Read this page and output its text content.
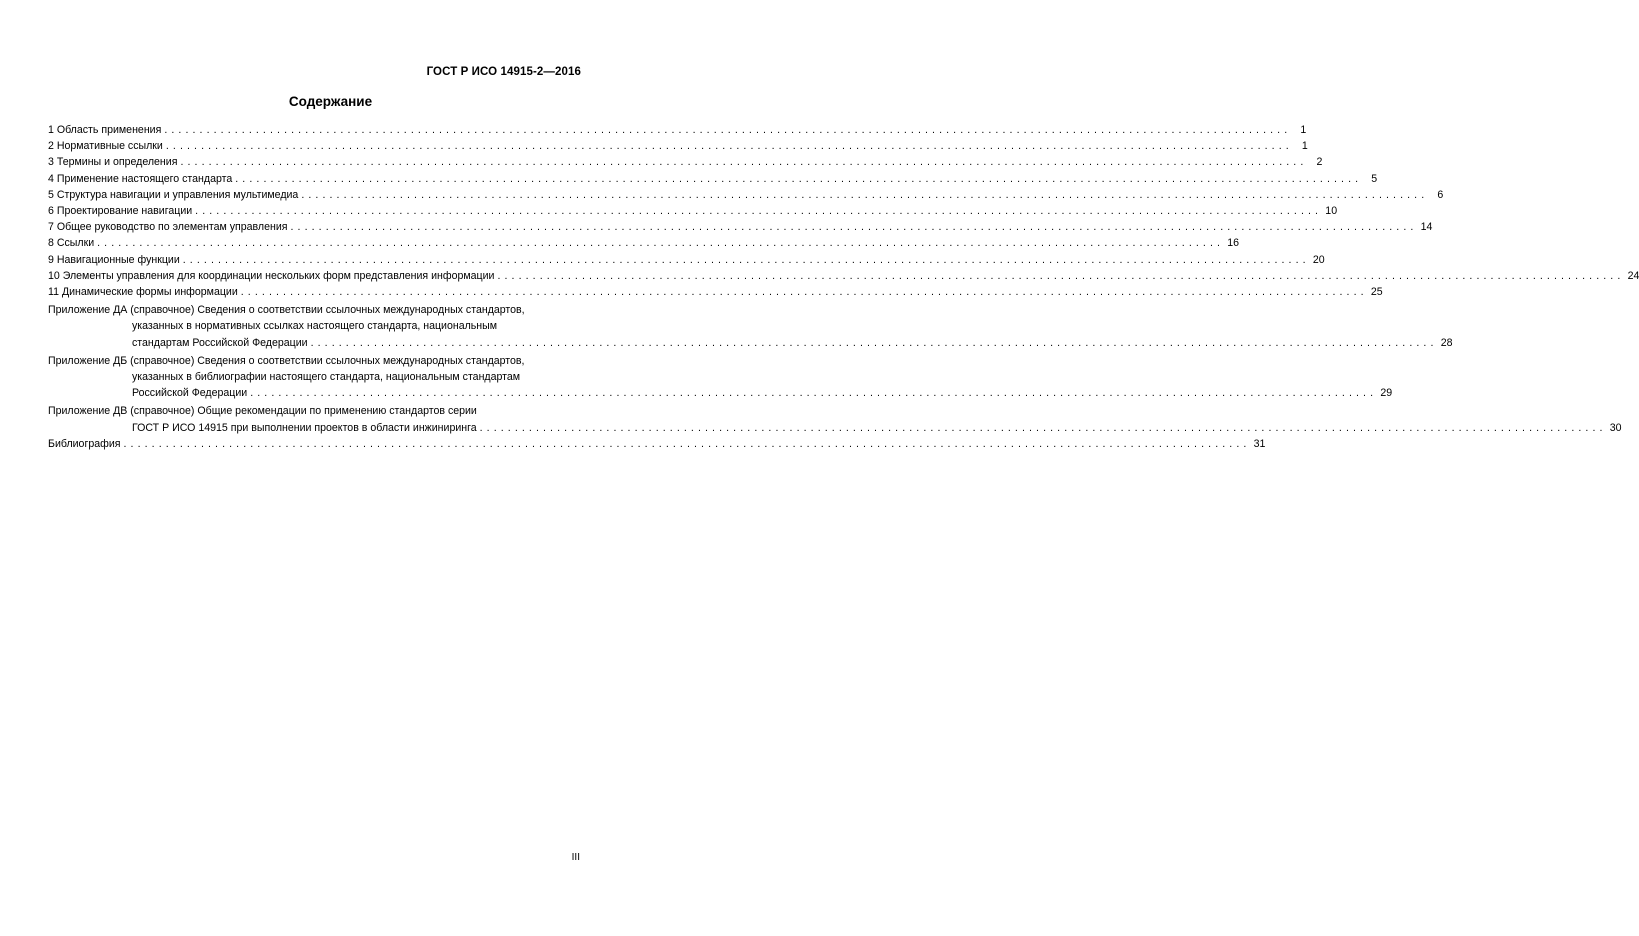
ГОСТ Р ИСО 14915-2—2016
Содержание
1 Область применения ................................................................................................................................................................ 1
2 Нормативные ссылки ................................................................................................................................................................ 1
3 Термины и определения ................................................................................................................................................................ 2
4 Применение настоящего стандарта ................................................................................................................................................................ 5
5 Структура навигации и управления мультимедиа ................................................................................................................................................................ 6
6 Проектирование навигации ................................................................................................................................................................ 10
7 Общее руководство по элементам управления ................................................................................................................................................................ 14
8 Ссылки ................................................................................................................................................................ 16
9 Навигационные функции ................................................................................................................................................................ 20
10 Элементы управления для координации нескольких форм представления информации ................................................................................................................................................................ 24
11 Динамические формы информации ................................................................................................................................................................ 25
Приложение ДА (справочное) Сведения о соответствии ссылочных международных стандартов,
указанных в нормативных ссылках настоящего стандарта, национальным
стандартам Российской Федерации ................................................................................................................................................................ 28
Приложение ДБ (справочное) Сведения о соответствии ссылочных международных стандартов,
указанных в библиографии настоящего стандарта, национальным стандартам
Российской Федерации ................................................................................................................................................................ 29
Приложение ДВ (справочное) Общие рекомендации по применению стандартов серии
ГОСТ Р ИСО 14915 при выполнении проектов в области инжиниринга ................................................................................................................................................................ 30
Библиография ................................................................................................................................................................ 31
III
